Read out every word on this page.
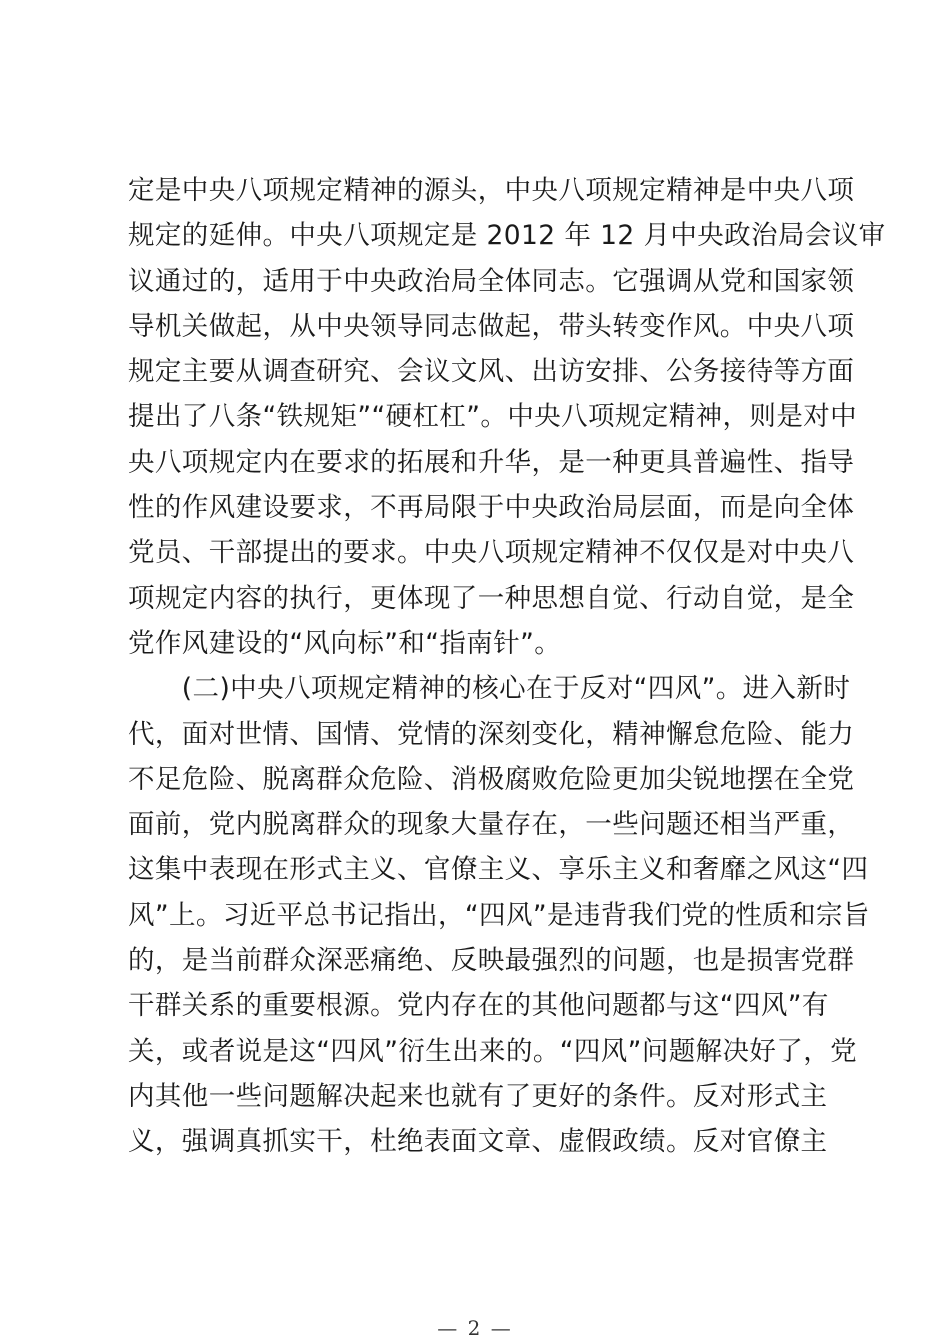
定是中央八项规定精神的源头，中央八项规定精神是中央八项
规定的延伸。中央八项规定是 2012 年 12 月中央政治局会议审
议通过的，适用于中央政治局全体同志。它强调从党和国家领
导机关做起，从中央领导同志做起，带头转变作风。中央八项
规定主要从调查研究、会议文风、出访安排、公务接待等方面
提出了八条“铁规矩”“硬杠杠”。中央八项规定精神，则是对中
央八项规定内在要求的拓展和升华，是一种更具普遍性、指导
性的作风建设要求，不再局限于中央政治局层面，而是向全体
党员、干部提出的要求。中央八项规定精神不仅仅是对中央八
项规定内容的执行，更体现了一种思想自觉、行动自觉，是全
党作风建设的“风向标”和“指南针”。
　　(二)中央八项规定精神的核心在于反对“四风”。进入新时
代，面对世情、国情、党情的深刻变化，精神懈怠危险、能力
不足危险、脱离群众危险、消极腐败危险更加尖锐地摆在全党
面前，党内脱离群众的现象大量存在，一些问题还相当严重，
这集中表现在形式主义、官僚主义、享乐主义和奢靡之风这“四
风”上。习近平总书记指出，“四风”是违背我们党的性质和宗旨
的，是当前群众深恶痛绝、反映最强烈的问题，也是损害党群
干群关系的重要根源。党内存在的其他问题都与这“四风”有
关，或者说是这“四风”衍生出来的。“四风”问题解决好了，党
内其他一些问题解决起来也就有了更好的条件。反对形式主
义，强调真抓实干，杜绝表面文章、虚假政绩。反对官僚主
— 2 —
